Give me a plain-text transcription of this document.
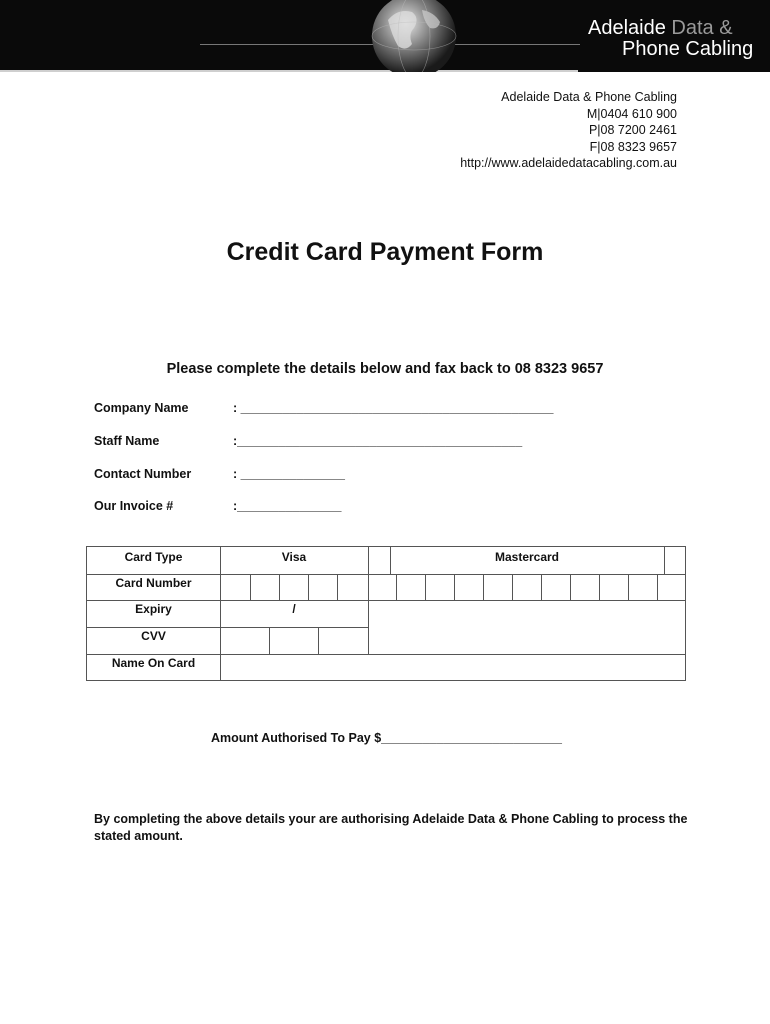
Adelaide Data &
Phone Cabling
Adelaide Data & Phone Cabling
M|0404 610 900
P|08 7200 2461
F|08 8323 9657
http://www.adelaidedatacabling.com.au
Credit Card Payment Form
Please complete the details below and fax back to 08 8323 9657
Company Name	: _____________________________________________
Staff Name	:_________________________________________
Contact Number	: _______________
Our Invoice #	:_______________
Card Type	Visa	Mastercard
Card Number
Expiry	/
CVV
Name On Card
Amount Authorised To Pay $__________________________
By completing the above details your are authorising Adelaide Data & Phone Cabling to process the stated amount.
